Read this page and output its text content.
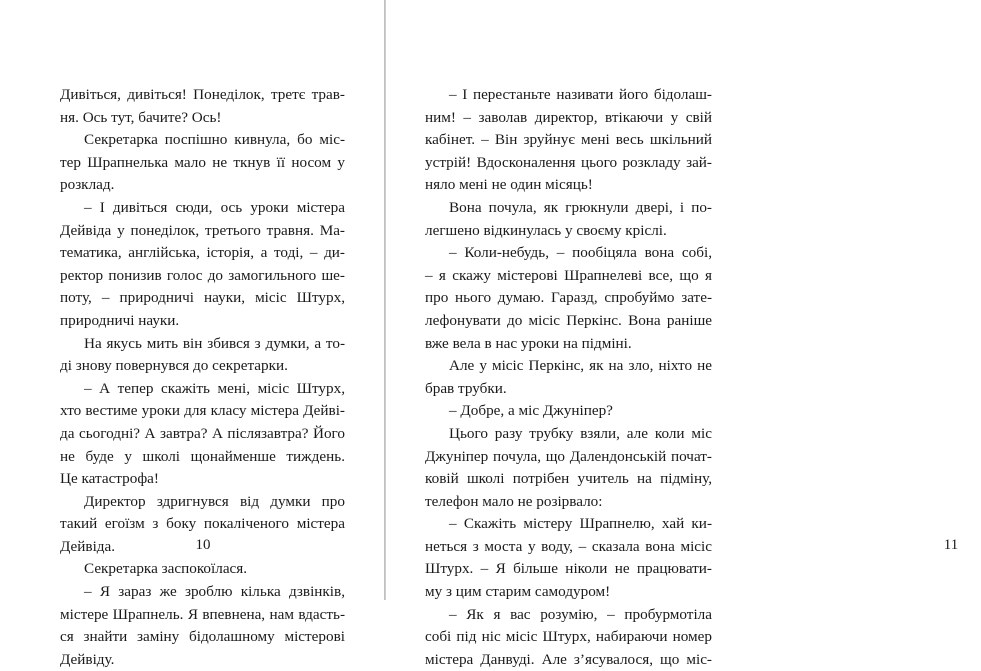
Дивіться, дивіться! Понеділок, третє трав-
ня. Ось тут, бачите? Ось!
Секретарка поспішно кивнула, бо міс-
тер Шрапнелька мало не ткнув її носом у
розклад.
– І дивіться сюди, ось уроки містера
Дейвіда у понеділок, третього травня. Ма-
тематика, англійська, історія, а тоді, – ди-
ректор понизив голос до замогильного ше-
поту, – природничі науки, місіс Штурх,
природничі науки.
На якусь мить він збився з думки, а то-
ді знову повернувся до секретарки.
– А тепер скажіть мені, місіс Штурх,
хто вестиме уроки для класу містера Дейві-
да сьогодні? А завтра? А післязавтра? Його
не буде у школі щонайменше тиждень.
Це катастрофа!
Директор здригнувся від думки про
такий егоїзм з боку покаліченого містера
Дейвіда.
Секретарка заспокоїлася.
– Я зараз же зроблю кілька дзвінків,
містере Шрапнель. Я впевнена, нам вдасть-
ся знайти заміну бідолашному містерові
Дейвіду.
10	11
– І перестаньте називати його бідолаш-
ним! – заволав директор, втікаючи у свій
кабінет. – Він зруйнує мені весь шкільний
устрій! Вдосконалення цього розкладу зай-
няло мені не один місяць!
Вона почула, як грюкнули двері, і по-
легшено відкинулась у своєму кріслі.
– Коли-небудь, – пообіцяла вона собі,
– я скажу містерові Шрапнелеві все, що я
про нього думаю. Гаразд, спробуймо зате-
лефонувати до місіс Перкінс. Вона раніше
вже вела в нас уроки на підміні.
Але у місіс Перкінс, як на зло, ніхто не
брав трубки.
– Добре, а міс Джунiпер?
Цього разу трубку взяли, але коли міс
Джунiпер почула, що Далендонській почат-
ковій школі потрібен учитель на підміну,
телефон мало не розірвало:
– Скажіть містеру Шрапнелю, хай ки-
неться з моста у воду, – сказала вона місіс
Штурх. – Я більше ніколи не працювати-
му з цим старим самодуром!
– Як я вас розумію, – пробурмотіла
собі під ніс місіс Штурх, набираючи номер
містера Данвуді. Але з’ясувалося, що міс-
